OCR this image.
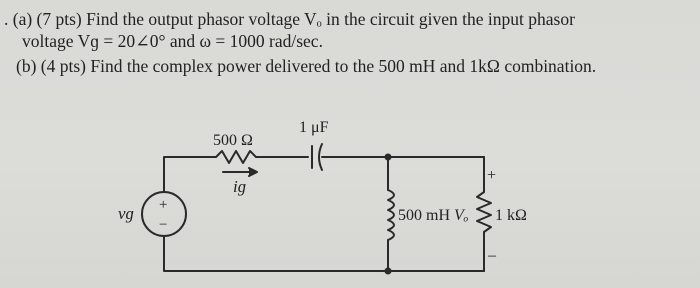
. (a) (7 pts) Find the output phasor voltage Vₒ in the circuit given the input phasor
voltage Vɡ = 20∠0° and ω = 1000 rad/sec.
(b) (4 pts) Find the complex power delivered to the 500 mH and 1kΩ combination.
500 Ω
1 μF
iɡ
vɡ +
−
500 mH Vₒ 1 kΩ
+
–
